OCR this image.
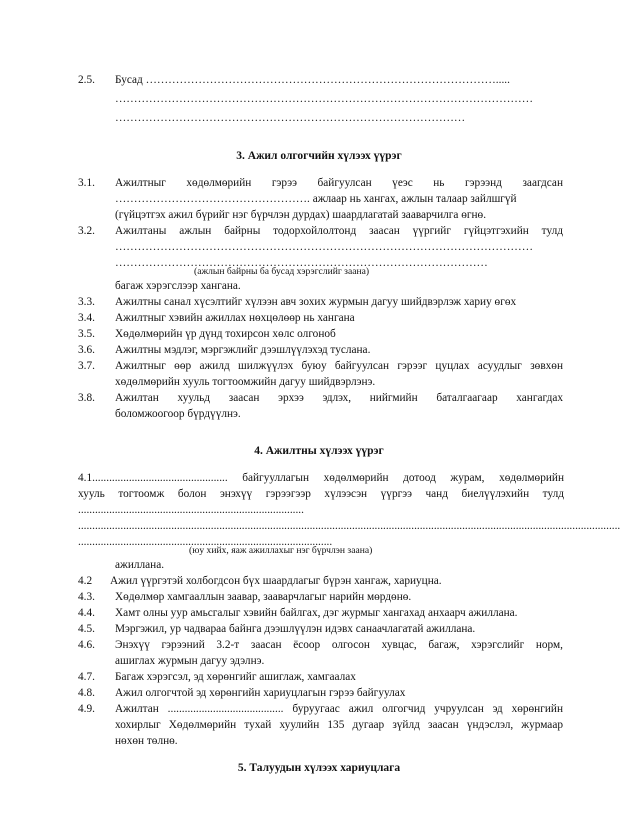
2.5. Бусад ………………………………………………………………………………….....
…………………………………………………………………………………………………
…………………………………………………………………………………
3. Ажил олгогчийн хүлээх үүрэг
3.1. Ажилтныг хөдөлмөрийн гэрээ байгуулсан үеэс нь гэрээнд заагдсан
……………………………………………. ажлаар нь хангах, ажлын талаар зайлшгүй
(гүйцэтгэх ажил бүрийг нэг бүрчлэн дурдах) шаардлагатай зааварчилга өгнө.
3.2. Ажилтаны ажлын байрны тодорхойлолтонд заасан үүргийг гүйцэтгэхийн тулд
…………………………………………………………………………………………………
………………………………………………………………………………………
(ажлын байрны ба бусад хэрэгслийг заана)
багаж хэрэгслээр хангана.
3.3. Ажилтны санал хүсэлтийг хүлээн авч зохих журмын дагуу шийдвэрлэж хариу өгөх
3.4. Ажилтныг хэвийн ажиллах нөхцөлөөр нь хангана
3.5. Хөдөлмөрийн үр дүнд тохирсон хөлс олгоноб
3.6. Ажилтны мэдлэг, мэргэжлийг дээшлүүлэхэд туслана.
3.7. Ажилтныг өөр ажилд шилжүүлэх буюу байгуулсан гэрээг цуцлах асуудлыг зөвхөн
хөдөлмөрийн хууль тогтоомжийн дагуу шийдвэрлэнэ.
3.8. Ажилтан хуульд заасан эрхээ эдлэх, нийгмийн баталгаагаар хангагдах
боломжоогоор бүрдүүлнэ.
4. Ажилтны хүлээх үүрэг
4.1................................................ байгууллагын хөдөлмөрийн дотоод журам, хөдөлмөрийн
хууль тогтоомж болон энэхүү гэрээгээр хүлээсэн үүргээ чанд биелүүлэхийн тулд
................................................................................
................................................................................................................................................................................................
..........................................................................................
(юу хийх, яаж ажиллахыг нэг бүрчлэн заана)
ажиллана.
4.2 Ажил үүргэтэй холбогдсон бүх шаардлагыг бүрэн хангаж, хариуцна.
4.3. Хөдөлмөр хамгааллын заавар, зааварчлагыг нарийн мөрдөнө.
4.4. Хамт олны уур амьсгалыг хэвийн байлгах, дэг журмыг хангахад анхаарч ажиллана.
4.5. Мэргэжил, ур чадвараа байнга дээшлүүлэн идэвх санаачлагатай ажиллана.
4.6. Энэхүү гэрээний 3.2-т заасан ёсоор олгосон хувцас, багаж, хэрэгслийг норм,
ашиглах журмын дагуу эдэлнэ.
4.7. Багаж хэрэгсэл, эд хөрөнгийг ашиглаж, хамгаалах
4.8. Ажил олгогчтой эд хөрөнгийн хариуцлагын гэрээ байгуулах
4.9. Ажилтан ......................................... буруугаас ажил олгогчид учруулсан эд хөрөнгийн
хохирлыг Хөдөлмөрийн тухай хуулийн 135 дугаар зүйлд заасан үндэслэл, журмаар
нөхөн төлнө.
5. Талуудын хүлээх хариуцлага
